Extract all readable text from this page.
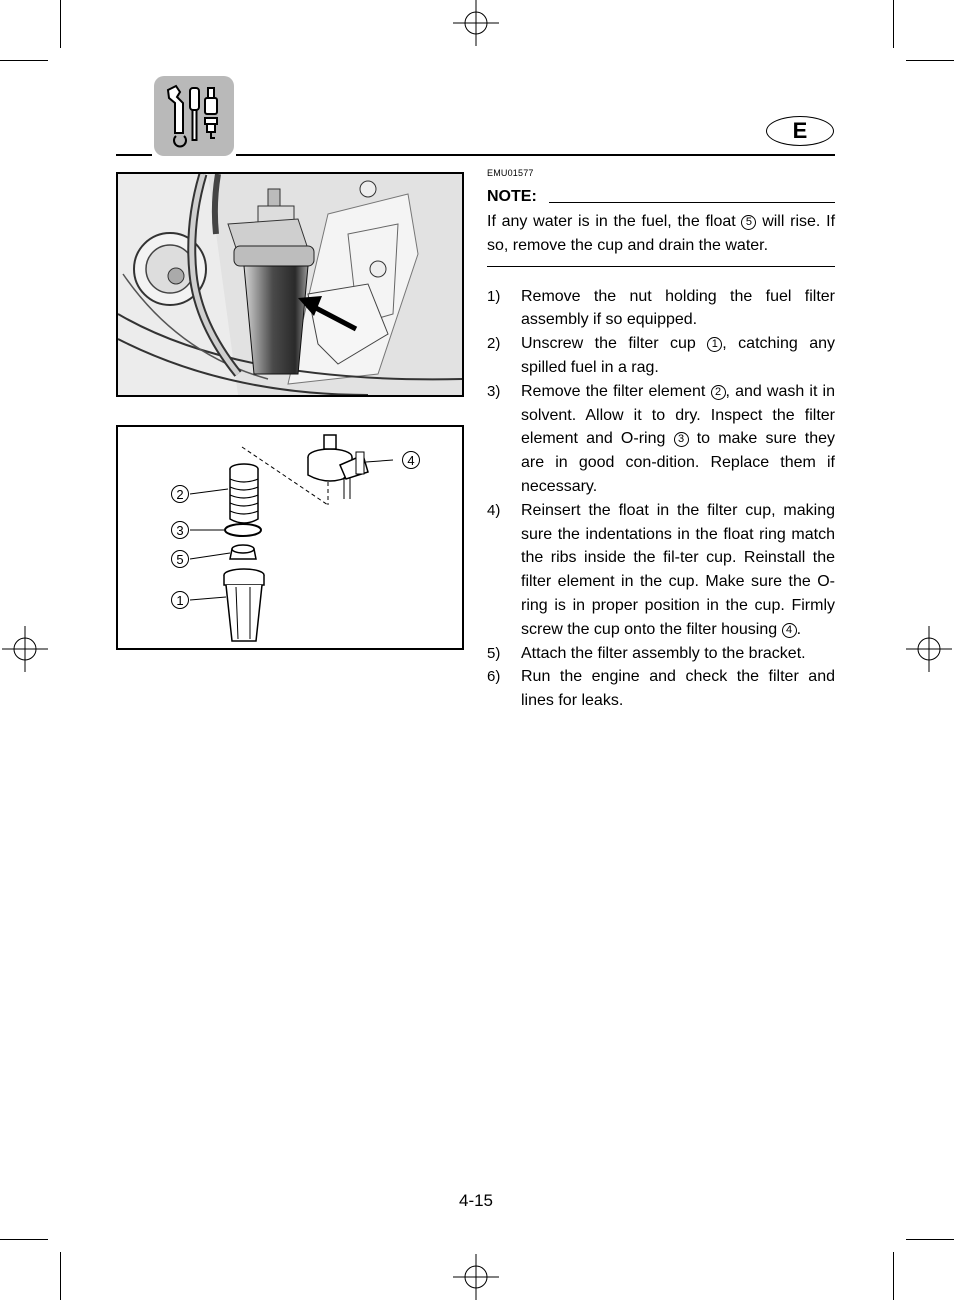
E
4
2
3
5
1
EMU01577
NOTE:

If any water is in the fuel, the float 5 will rise. If so, remove the cup and drain the water.

1)	Remove the nut holding the fuel filter assembly if so equipped.
2)	Unscrew the filter cup 1 , catching any spilled fuel in a rag.
3)	Remove the filter element 2 , and wash it in solvent. Allow it to dry. Inspect the filter element and O-ring 3 to make sure they are in good con-dition. Replace them if necessary.
4)	Reinsert the float in the filter cup, making sure the indentations in the float ring match the ribs inside the fil-ter cup. Reinstall the filter element in the cup. Make sure the O-ring is in proper position in the cup. Firmly screw the cup onto the filter housing 4 .
5)	Attach the filter assembly to the bracket.
6)	Run the engine and check the filter and lines for leaks.
4-15
